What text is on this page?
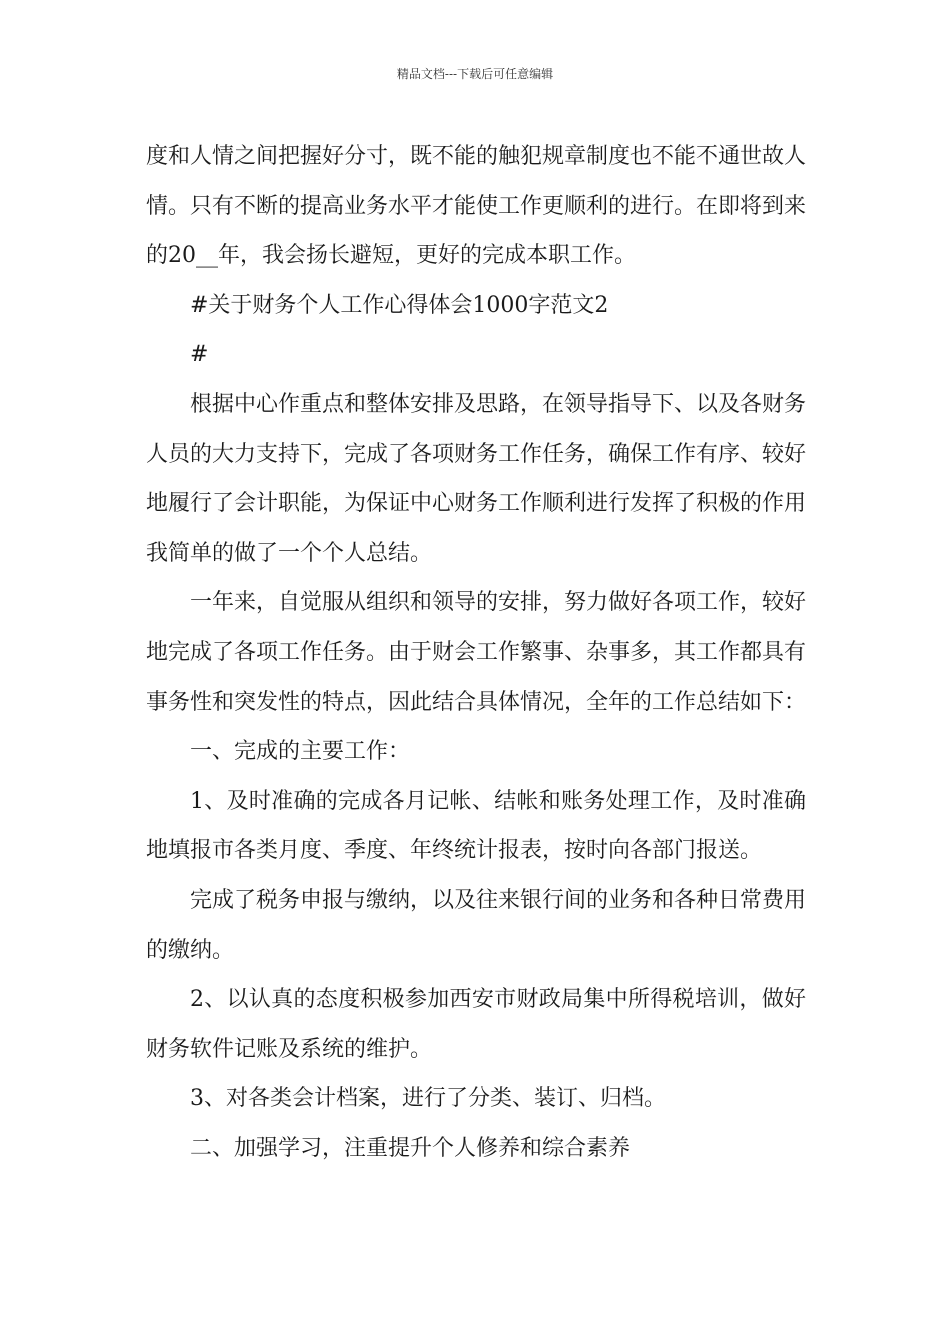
精品文档---下载后可任意编辑

度和人情之间把握好分寸，既不能的触犯规章制度也不能不通世故人情。只有不断的提高业务水平才能使工作更顺利的进行。在即将到来的20__年，我会扬长避短，更好的完成本职工作。

#关于财务个人工作心得体会1000字范文2

#

根据中心作重点和整体安排及思路，在领导指导下、以及各财务人员的大力支持下，完成了各项财务工作任务，确保工作有序、较好地履行了会计职能，为保证中心财务工作顺利进行发挥了积极的作用我简单的做了一个个人总结。

一年来，自觉服从组织和领导的安排，努力做好各项工作，较好地完成了各项工作任务。由于财会工作繁事、杂事多，其工作都具有事务性和突发性的特点，因此结合具体情况，全年的工作总结如下：

一、完成的主要工作：

1、及时准确的完成各月记帐、结帐和账务处理工作，及时准确地填报市各类月度、季度、年终统计报表，按时向各部门报送。

完成了税务申报与缴纳，以及往来银行间的业务和各种日常费用的缴纳。

2、以认真的态度积极参加西安市财政局集中所得税培训，做好财务软件记账及系统的维护。

3、对各类会计档案，进行了分类、装订、归档。

二、加强学习，注重提升个人修养和综合素养
